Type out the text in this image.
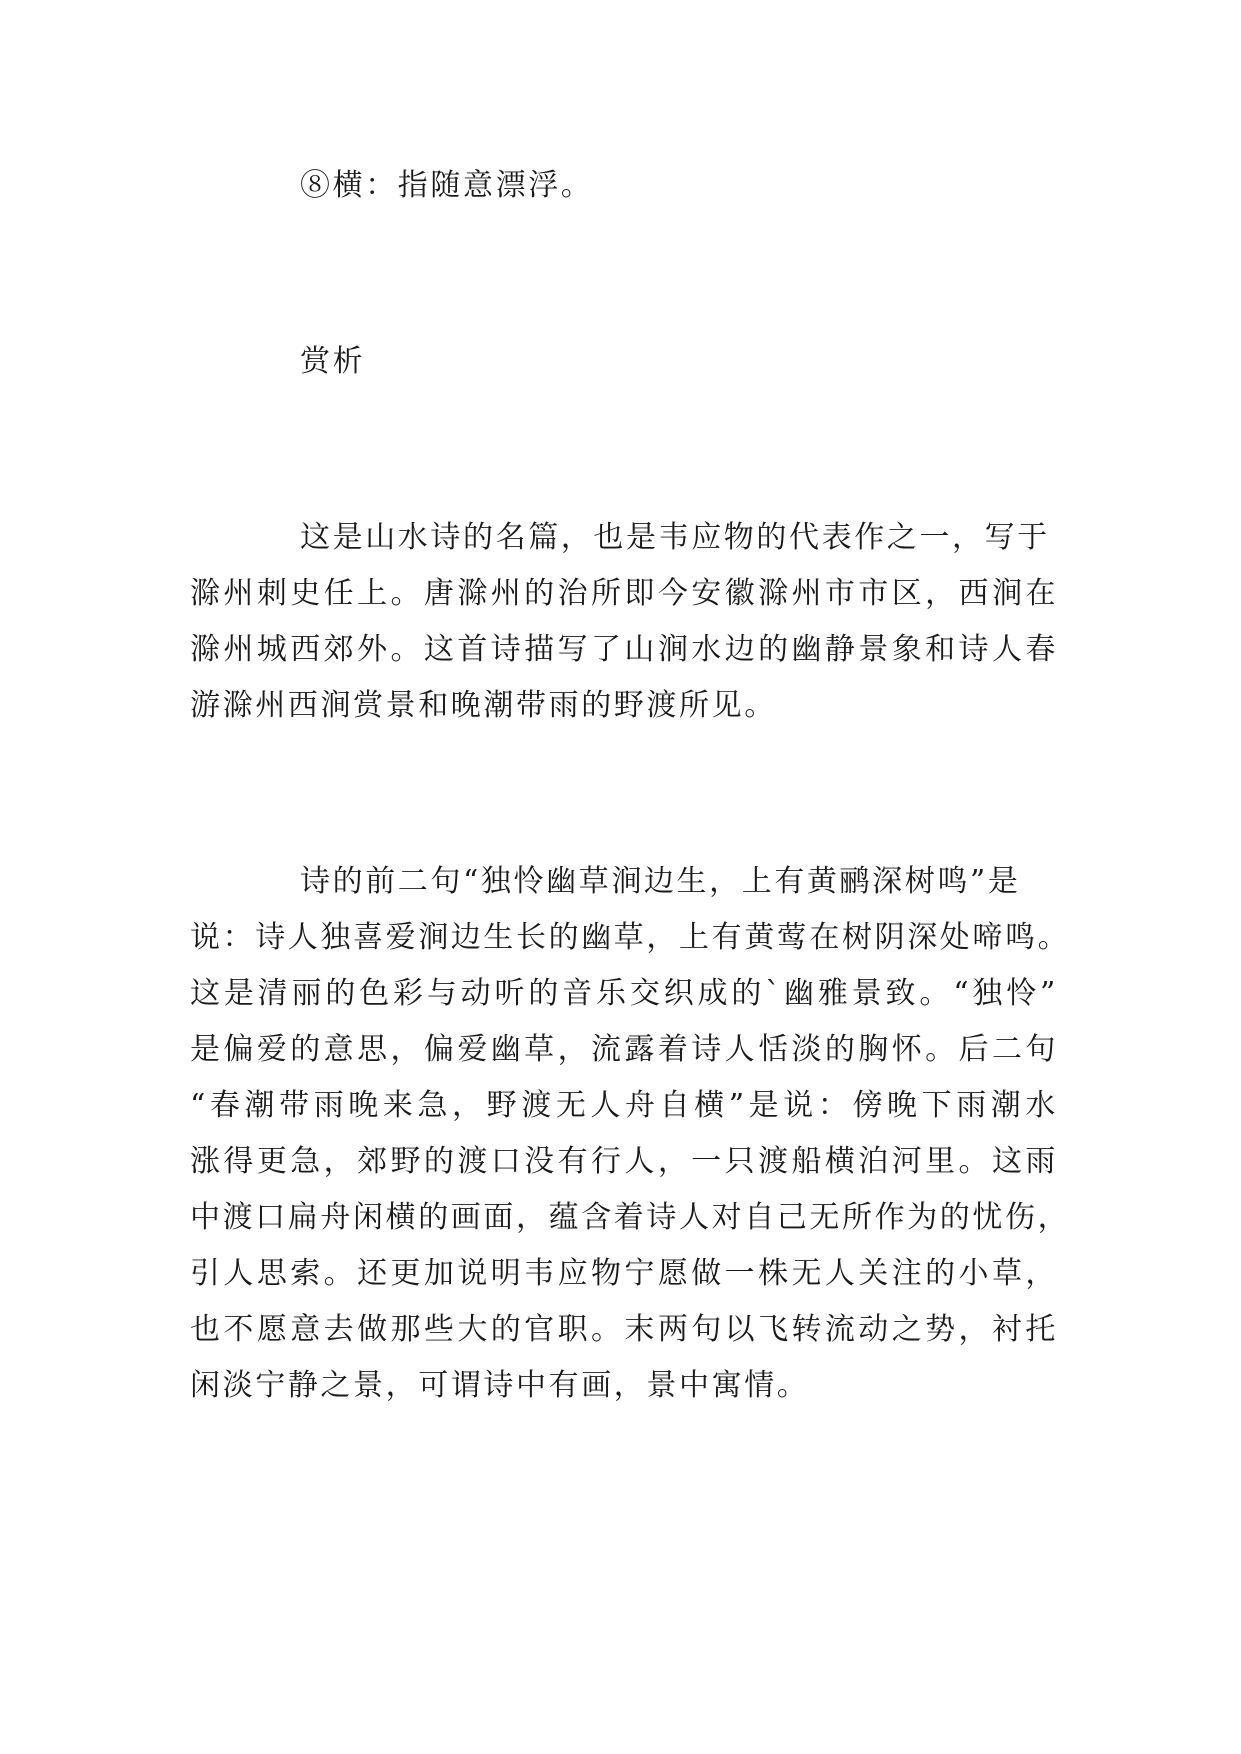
⑧横：指随意漂浮。
赏析
这是山水诗的名篇，也是韦应物的代表作之一，写于
滁州刺史任上。唐滁州的治所即今安徽滁州市市区，西涧在
滁州城西郊外。这首诗描写了山涧水边的幽静景象和诗人春
游滁州西涧赏景和晚潮带雨的野渡所见。
诗的前二句“独怜幽草涧边生，上有黄鹂深树鸣”是
说：诗人独喜爱涧边生长的幽草，上有黄莺在树阴深处啼鸣。
这是清丽的色彩与动听的音乐交织成的`幽雅景致。“独怜”
是偏爱的意思，偏爱幽草，流露着诗人恬淡的胸怀。后二句
“春潮带雨晚来急，野渡无人舟自横”是说：傍晚下雨潮水
涨得更急，郊野的渡口没有行人，一只渡船横泊河里。这雨
中渡口扁舟闲横的画面，蕴含着诗人对自己无所作为的忧伤，
引人思索。还更加说明韦应物宁愿做一株无人关注的小草，
也不愿意去做那些大的官职。末两句以飞转流动之势，衬托
闲淡宁静之景，可谓诗中有画，景中寓情。
